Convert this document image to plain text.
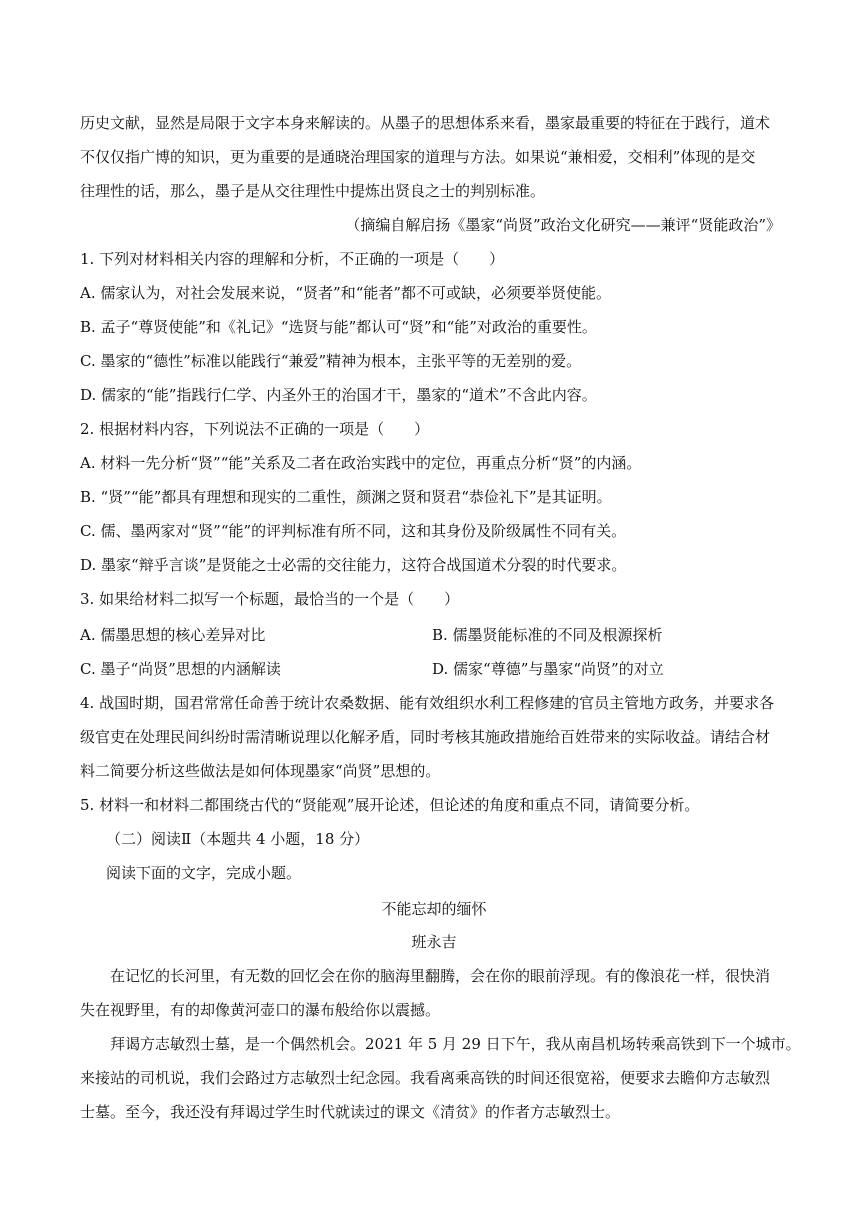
历史文献，显然是局限于文字本身来解读的。从墨子的思想体系来看，墨家最重要的特征在于践行，道术
不仅仅指广博的知识，更为重要的是通晓治理国家的道理与方法。如果说“兼相爱，交相利”体现的是交
往理性的话，那么，墨子是从交往理性中提炼出贤良之士的判别标准。
（摘编自解启扬《墨家“尚贤”政治文化研究——兼评“贤能政治”》
1. 下列对材料相关内容的理解和分析，不正确的一项是（　　）
A. 儒家认为，对社会发展来说，“贤者”和“能者”都不可或缺，必须要举贤使能。
B. 孟子“尊贤使能”和《礼记》“选贤与能”都认可“贤”和“能”对政治的重要性。
C. 墨家的“德性”标准以能践行“兼爱”精神为根本，主张平等的无差别的爱。
D. 儒家的“能”指践行仁学、内圣外王的治国才干，墨家的“道术”不含此内容。
2. 根据材料内容，下列说法不正确的一项是（　　）
A. 材料一先分析“贤”“能”关系及二者在政治实践中的定位，再重点分析“贤”的内涵。
B. “贤”“能”都具有理想和现实的二重性，颜渊之贤和贤君“恭俭礼下”是其证明。
C. 儒、墨两家对“贤”“能”的评判标准有所不同，这和其身份及阶级属性不同有关。
D. 墨家“辩乎言谈”是贤能之士必需的交往能力，这符合战国道术分裂的时代要求。
3. 如果给材料二拟写一个标题，最恰当的一个是（　　）
A. 儒墨思想的核心差异对比	B. 儒墨贤能标准的不同及根源探析
C. 墨子“尚贤”思想的内涵解读	D. 儒家“尊德”与墨家“尚贤”的对立
4. 战国时期，国君常常任命善于统计农桑数据、能有效组织水利工程修建的官员主管地方政务，并要求各
级官吏在处理民间纠纷时需清晰说理以化解矛盾，同时考核其施政措施给百姓带来的实际收益。请结合材
料二简要分析这些做法是如何体现墨家“尚贤”思想的。
5. 材料一和材料二都围绕古代的“贤能观”展开论述，但论述的角度和重点不同，请简要分析。
（二）阅读Ⅱ（本题共 4 小题，18 分）
阅读下面的文字，完成小题。
不能忘却的缅怀
班永吉
在记忆的长河里，有无数的回忆会在你的脑海里翻腾，会在你的眼前浮现。有的像浪花一样，很快消
失在视野里，有的却像黄河壶口的瀑布般给你以震撼。
拜谒方志敏烈士墓，是一个偶然机会。2021 年 5 月 29 日下午，我从南昌机场转乘高铁到下一个城市。
来接站的司机说，我们会路过方志敏烈士纪念园。我看离乘高铁的时间还很宽裕，便要求去瞻仰方志敏烈
士墓。至今，我还没有拜谒过学生时代就读过的课文《清贫》的作者方志敏烈士。
